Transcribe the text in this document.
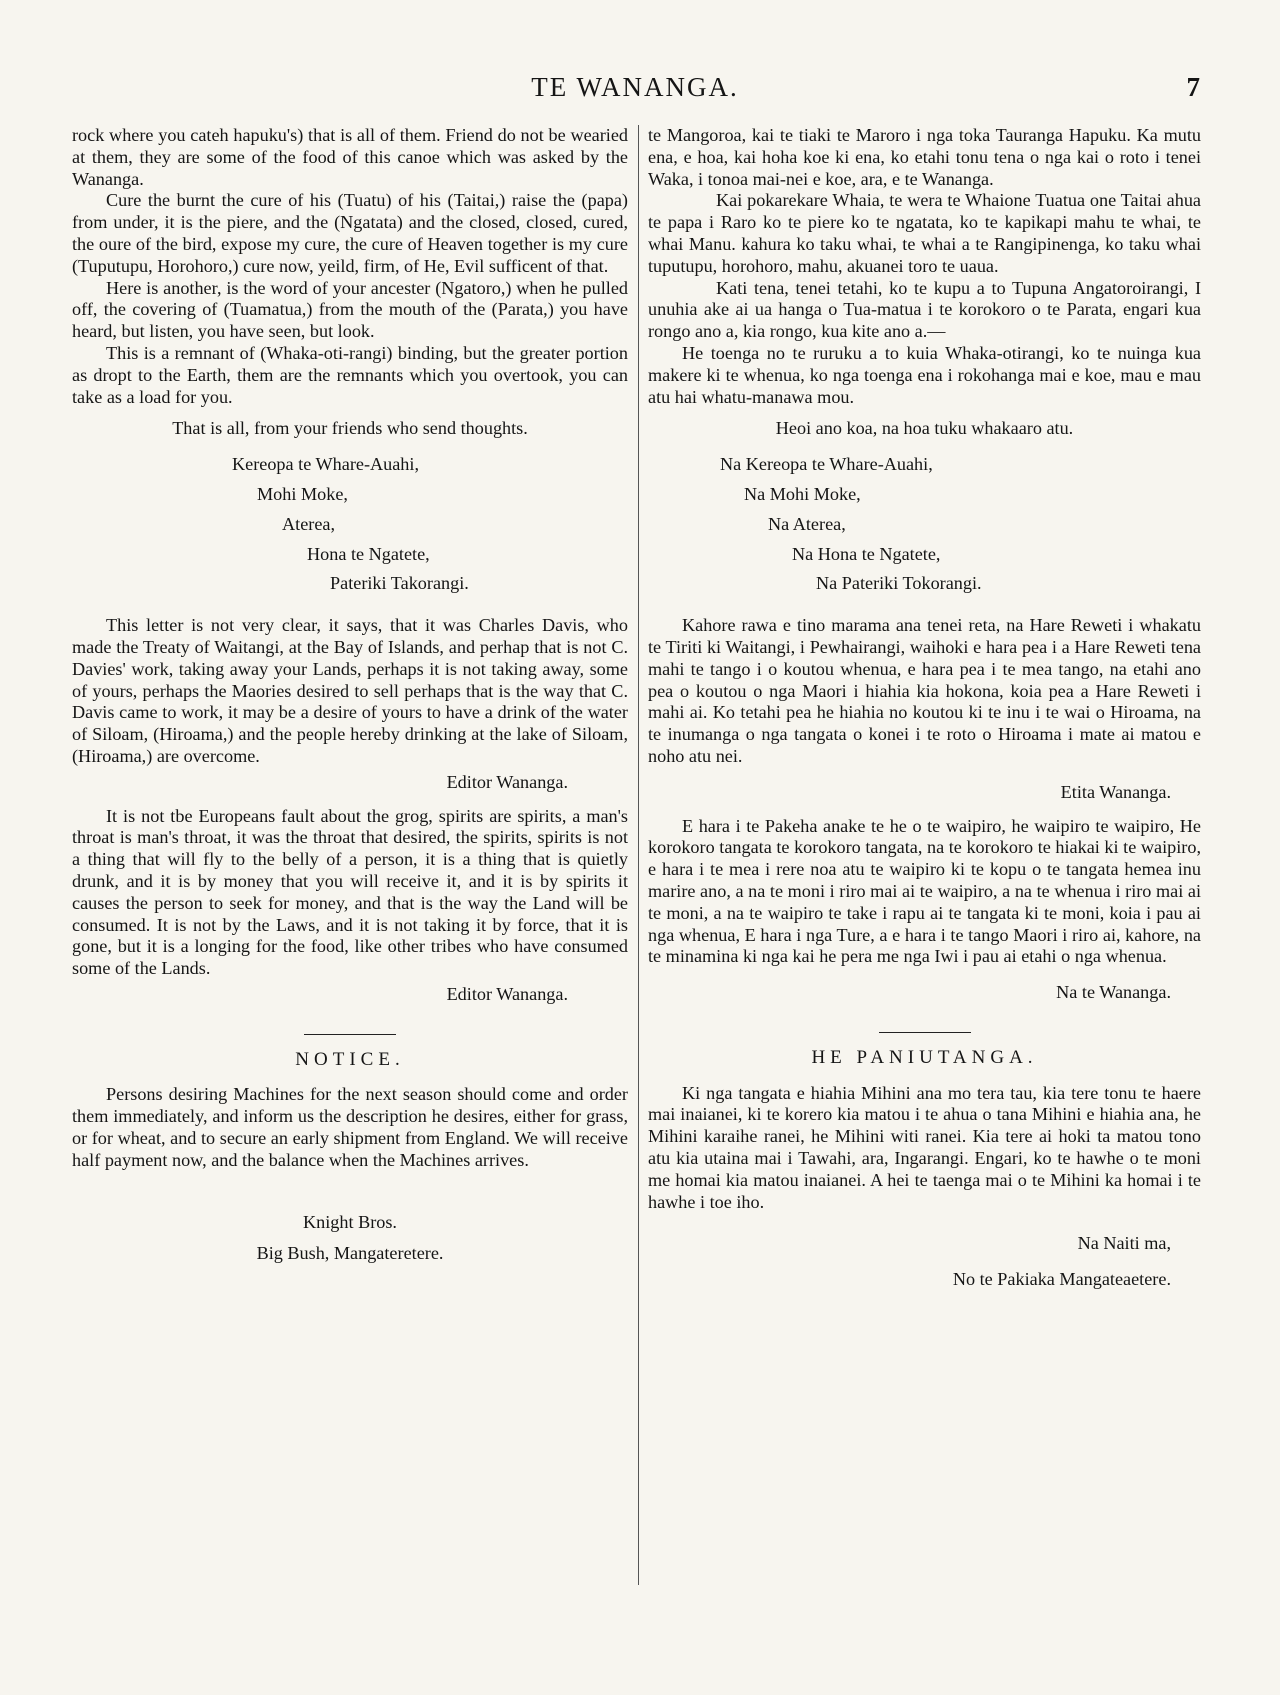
TE WANANGA.	7

rock where you cateh hapuku's) that is all of them. Friend do not be wearied at them, they are some of the food of this canoe which was asked by the Wananga.

Cure the burnt the cure of his (Tuatu) of his (Taitai,) raise the (papa) from under, it is the piere, and the (Ngatata) and the closed, closed, cured, the oure of the bird, expose my cure, the cure of Heaven together is my cure (Tuputupu, Horohoro,) cure now, yeild, firm, of He, Evil sufficent of that.

Here is another, is the word of your ancester (Ngatoro,) when he pulled off, the covering of (Tuamatua,) from the mouth of the (Parata,) you have heard, but listen, you have seen, but look.

This is a remnant of (Whaka-oti-rangi) binding, but the greater portion as dropt to the Earth, them are the remnants which you overtook, you can take as a load for you.

That is all, from your friends who send thoughts.

Kereopa te Whare-Auahi,
Mohi Moke,
Aterea,
Hona te Ngatete,
Pateriki Takorangi.

This letter is not very clear, it says, that it was Charles Davis, who made the Treaty of Waitangi, at the Bay of Islands, and perhap that is not C. Davies' work, taking away your Lands, perhaps it is not taking away, some of yours, perhaps the Maories desired to sell perhaps that is the way that C. Davis came to work, it may be a desire of yours to have a drink of the water of Siloam, (Hiroama,) and the people hereby drinking at the lake of Siloam, (Hiroama,) are overcome.

Editor Wananga.

It is not tbe Europeans fault about the grog, spirits are spirits, a man's throat is man's throat, it was the throat that desired, the spirits, spirits is not a thing that will fly to the belly of a person, it is a thing that is quietly drunk, and it is by money that you will receive it, and it is by spirits it causes the person to seek for money, and that is the way the Land will be consumed. It is not by the Laws, and it is not taking it by force, that it is gone, but it is a longing for the food, like other tribes who have consumed some of the Lands.

Editor Wananga.
NOTICE.

Persons desiring Machines for the next season should come and order them immediately, and inform us the description he desires, either for grass, or for wheat, and to secure an early shipment from England. We will receive half payment now, and the balance when the Machines arrives.

Knight Bros.
Big Bush, Mangateretere.

te Mangoroa, kai te tiaki te Maroro i nga toka Tauranga Hapuku. Ka mutu ena, e hoa, kai hoha koe ki ena, ko etahi tonu tena o nga kai o roto i tenei Waka, i tonoa mai-nei e koe, ara, e te Wananga.

Kai pokarekare Whaia, te wera te Whaione Tuatua one Taitai ahua te papa i Raro ko te piere ko te ngatata, ko te kapikapi mahu te whai, te whai Manu. kahura ko taku whai, te whai a te Rangipinenga, ko taku whai tuputupu, horohoro, mahu, akuanei toro te uaua.

Kati tena, tenei tetahi, ko te kupu a to Tupuna Angatoroirangi, I unuhia ake ai ua hanga o Tua-matua i te korokoro o te Parata, engari kua rongo ano a, kia rongo, kua kite ano a.—

He toenga no te ruruku a to kuia Whaka-otirangi, ko te nuinga kua makere ki te whenua, ko nga toenga ena i rokohanga mai e koe, mau e mau atu hai whatu-manawa mou.

Heoi ano koa, na hoa tuku whakaaro atu.

Na Kereopa te Whare-Auahi,
Na Mohi Moke,
Na Aterea,
Na Hona te Ngatete,
Na Pateriki Tokorangi.

Kahore rawa e tino marama ana tenei reta, na Hare Reweti i whakatu te Tiriti ki Waitangi, i Pewhairangi, waihoki e hara pea i a Hare Reweti tena mahi te tango i o koutou whenua, e hara pea i te mea tango, na etahi ano pea o koutou o nga Maori i hiahia kia hokona, koia pea a Hare Reweti i mahi ai. Ko tetahi pea he hiahia no koutou ki te inu i te wai o Hiroama, na te inumanga o nga tangata o konei i te roto o Hiroama i mate ai matou e noho atu nei.

Etita Wananga.

E hara i te Pakeha anake te he o te waipiro, he waipiro te waipiro, He korokoro tangata te korokoro tangata, na te korokoro te hiakai ki te waipiro, e hara i te mea i rere noa atu te waipiro ki te kopu o te tangata hemea inu marire ano, a na te moni i riro mai ai te waipiro, a na te whenua i riro mai ai te moni, a na te waipiro te take i rapu ai te tangata ki te moni, koia i pau ai nga whenua, E hara i nga Ture, a e hara i te tango Maori i riro ai, kahore, na te minamina ki nga kai he pera me nga Iwi i pau ai etahi o nga whenua.

Na te Wananga.
HE PANIUTANGA.

Ki nga tangata e hiahia Mihini ana mo tera tau, kia tere tonu te haere mai inaianei, ki te korero kia matou i te ahua o tana Mihini e hiahia ana, he Mihini karaihe ranei, he Mihini witi ranei. Kia tere ai hoki ta matou tono atu kia utaina mai i Tawahi, ara, Ingarangi. Engari, ko te hawhe o te moni me homai kia matou inaianei. A hei te taenga mai o te Mihini ka homai i te hawhe i toe iho.

Na Naiti ma,
No te Pakiaka Mangateaetere.
